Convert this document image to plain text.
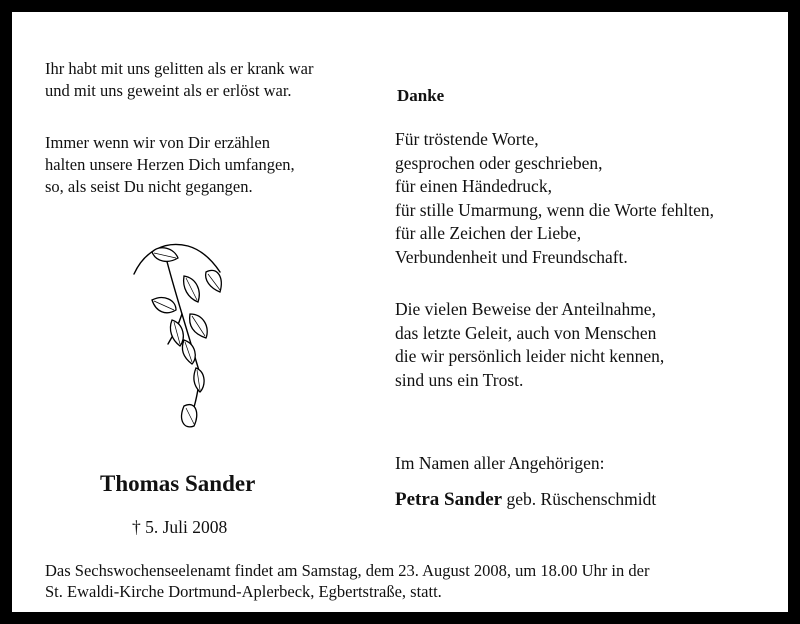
Ihr habt mit uns gelitten als er krank war
und mit uns geweint als er erlöst war.
Immer wenn wir von Dir erzählen
halten unsere Herzen Dich umfangen,
so, als seist Du nicht gegangen.
Danke
Für tröstende Worte,
gesprochen oder geschrieben,
für einen Händedruck,
für stille Umarmung, wenn die Worte fehlten,
für alle Zeichen der Liebe,
Verbundenheit und Freundschaft.
Die vielen Beweise der Anteilnahme,
das letzte Geleit, auch von Menschen
die wir persönlich leider nicht kennen,
sind uns ein Trost.
Im Namen aller Angehörigen:
Petra Sander geb. Rüschenschmidt
Thomas Sander
† 5. Juli 2008
Das Sechswochenseelenamt findet am Samstag, dem 23. August 2008, um 18.00 Uhr in der
St. Ewaldi-Kirche Dortmund-Aplerbeck, Egbertstraße, statt.
